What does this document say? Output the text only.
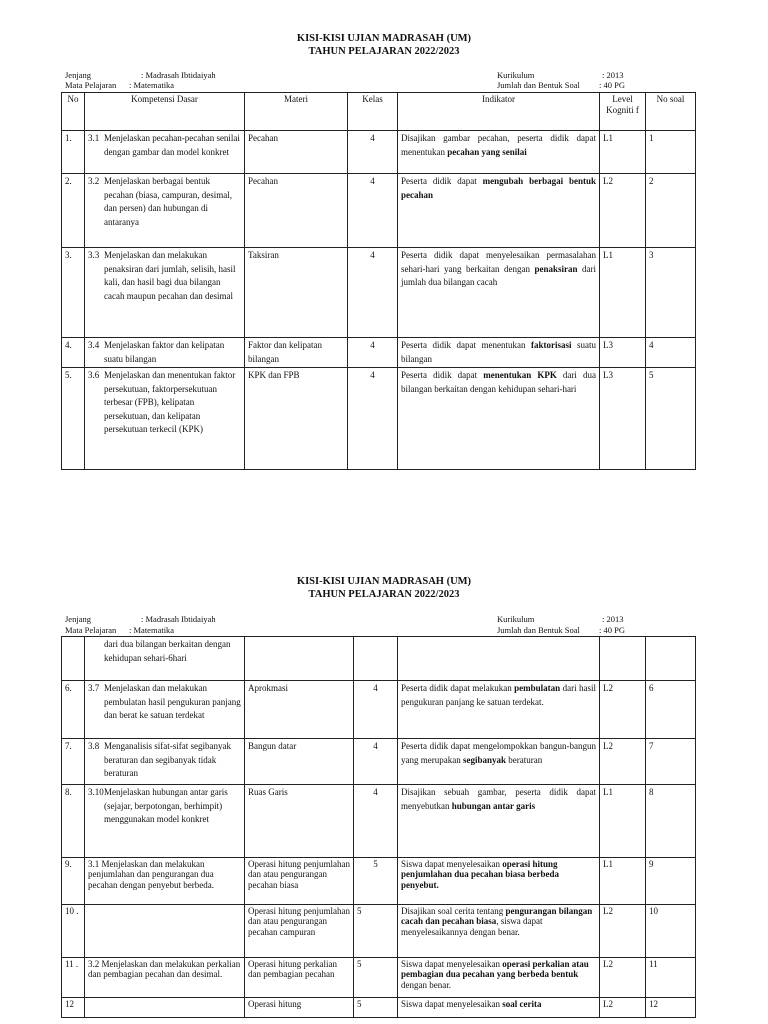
KISI-KISI UJIAN MADRASAH (UM)
TAHUN PELAJARAN 2022/2023
Jenjang	: Madrasah Ibtidaiyah
Mata Pelajaran : Matematika
Kurikulum	: 2013
Jumlah dan Bentuk Soal : 40 PG
No	Kompetensi Dasar	Materi	Kelas	Indikator	Level Kogniti f	No soal
1.	3.1 Menjelaskan pecahan-pecahan senilai dengan gambar dan model konkret	Pecahan	4	Disajikan gambar pecahan, peserta didik dapat menentukan pecahan yang senilai	L1	1
2.	3.2 Menjelaskan berbagai bentuk pecahan (biasa, campuran, desimal, dan persen) dan hubungan di antaranya	Pecahan	4	Peserta didik dapat mengubah berbagai bentuk pecahan	L2	2
3.	3.3 Menjelaskan dan melakukan penaksiran dari jumlah, selisih, hasil kali, dan hasil bagi dua bilangan cacah maupun pecahan dan desimal	Taksiran	4	Peserta didik dapat menyelesaikan permasalahan sehari-hari yang berkaitan dengan penaksiran dari jumlah dua bilangan cacah	L1	3
4.	3.4 Menjelaskan faktor dan kelipatan suatu bilangan	Faktor dan kelipatan bilangan	4	Peserta didik dapat menentukan faktorisasi suatu bilangan	L3	4
5.	3.6 Menjelaskan dan menentukan faktor persekutuan, faktorpersekutuan terbesar (FPB), kelipatan persekutuan, dan kelipatan persekutuan terkecil (KPK)	KPK dan FPB	4	Peserta didik dapat menentukan KPK dari dua bilangan berkaitan dengan kehidupan sehari-hari	L3	5
KISI-KISI UJIAN MADRASAH (UM)
TAHUN PELAJARAN 2022/2023
Jenjang	: Madrasah Ibtidaiyah
Mata Pelajaran : Matematika
Kurikulum	: 2013
Jumlah dan Bentuk Soal : 40 PG

	dari dua bilangan berkaitan dengan kehidupan sehari-6hari					

6.	3.7 Menjelaskan dan melakukan pembulatan hasil pengukuran panjang dan berat ke satuan terdekat	Aprokmasi	4	Peserta didik dapat melakukan pembulatan dari hasil pengukuran panjang ke satuan terdekat.	L2	6
7.	3.8 Menganalisis sifat-sifat segibanyak beraturan dan segibanyak tidak beraturan	Bangun datar	4	Peserta didik dapat mengelompokkan bangun-bangun yang merupakan segibanyak beraturan	L2	7
8.	3.10 Menjelaskan hubungan antar garis (sejajar, berpotongan, berhimpit) menggunakan model konkret	Ruas Garis	4	Disajikan sebuah gambar, peserta didik dapat menyebutkan hubungan antar garis	L1	8
9.	3.1 Menjelaskan dan melakukan penjumlahan dan pengurangan dua pecahan dengan penyebut berbeda.	Operasi hitung penjumlahan dan atau pengurangan pecahan biasa	5	Siswa dapat menyelesaikan operasi hitung penjumlahan dua pecahan biasa berbeda penyebut.	L1	9
10 .		Operasi hitung penjumlahan dan atau pengurangan pecahan campuran	5	Disajikan soal cerita tentang pengurangan bilangan cacah dan pecahan biasa, siswa dapat menyelesaikannya dengan benar.	L2	10
11 .	3.2 Menjelaskan dan melakukan perkalian dan pembagian pecahan dan desimal.	Operasi hitung perkalian dan pembagian pecahan	5	Siswa dapat menyelesaikan operasi perkalian atau pembagian dua pecahan yang berbeda bentuk dengan benar.	L2	11
12		Operasi hitung	5	Siswa dapat menyelesaikan soal cerita	L2	12
